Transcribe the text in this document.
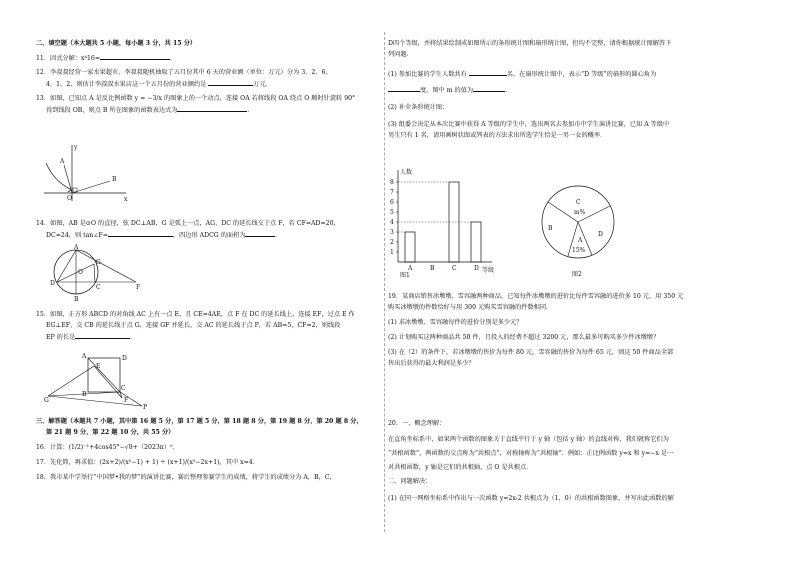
二、填空题（本大题共 5 小题，每小题 3 分，共 15 分）
11．因式分解：x⁴16=	．
12．李叔叔经营一家水果超市，李叔叔随机抽取了五月份其中 6 天的营业额（单位：万元）分为 3、2、6、
4、1、2，则估计李叔叔水果店这一个五月份的营业额约是	万元．
13．如图，已知点 A 是反比例函数 y = −3/x 的图象上的一个动点，连接 OA 若将线段 OA 绕点 O 顺时针旋转 90°
得到线段 OB，则点 B 所在图象的函数表达式为	．
y
A
B
O	x
14．如图，AB 是⊙O 的直径，弦 DC⊥AB，G 是弧上一点，AG、DC 的延长线交于点 F，若 CF=AD=20，
DC=24，则 tan∠F=	，四边形 ADCG 的面积为	．
A
G
D
O
C	F
B
15．如图，正方形 ABCD 的对角线 AC 上有一点 E，且 CE=4AE，点 F 在 DC 的延长线上，连接 EF，过点 E 作
EG⊥EF，交 CB 的延长线于点 G，连接 GF 并延长，交 AC 的延长线于点 P，若 AB=5，CF=2，则线段
EP 的长是	．
A	D
E
B
C
F
G
P
三、解答题（本题共 7 小题，其中第 16 题 5 分，第 17 题 5 分，第 18 题 8 分，第 19 题 8 分，第 20 题 8 分，
第 21 题 9 分，第 22 题 10 分，共 55 分）
16．计算：(1/2)⁻¹+4cos45°−√8+（2023π）⁰．
17．先化简，再求值：(2x+2)/(x²−1) + 1) ÷ (x+1)/(x²−2x+1)，其中 x=4．
18．我市某中学举行“中国梦•我的梦”的演讲比赛，赛后整理参赛学生的成绩，将学生的成绩分为 A，B，C，
D四个等级，并将结果绘制成如图所示的条形统计图和扇形统计图，但均不完整，请你根据统计图解答下
列问题．
(1) 参加比赛的学生人数共有	名，在扇形统计图中，表示“D 等级”的扇形的圆心角为
度，图中 m 的值为	．
(2) 补全条形统计图；
(3) 组委会决定从本次比赛中获得 A 等级的学生中，选出两名去参加市中学生演讲比赛，已知 A 等级中
男生只有 1 名，请用画树状图或列表的方法求出所选学生恰是一男一女的概率．
人数
等级
图1
1
2
3
4
5
6
7
8
A	B	C	D
C
m%
B
A
15%
D
图2
19．某商店销售冰墩墩、雪容融两种商品，已知每件冰墩墩的进价比每件雪容融的进价多 10 元，用 350 元
购买冰墩墩的件数恰好与用 300 元购买雪容融的件数相同．
(1) 求冰墩墩、雪容融每件的进价分别是多少元？
(2) 计划购买这两种商品共 50 件，且投入的经费不超过 3200 元，那么最多可购买多少件冰墩墩？
(3) 在（2）的条件下，若冰墩墩的售价为每件 80 元，雪容融的售价为每件 65 元，则这 50 件商品全部
售出后获得的最大利润是多少？
20．一、概念理解：
在直角坐标系中，如果两个函数的图象关于直线平行于 y 轴（包括 y 轴）的直线对称，我们就称它们为
“共根函数”，两函数的交点称为“共根点”，对称轴称为“共根轴”．例如：正比例函数 y=x 和 y=−x 是一
对共根函数，y 轴是它们的共根轴，点 O 是共根点．
二、问题解决：
(1) 在同一网格坐标系中作出与一次函数 y=2x-2 共根点为（1，0）的共根函数图象，并写出此函数的解
